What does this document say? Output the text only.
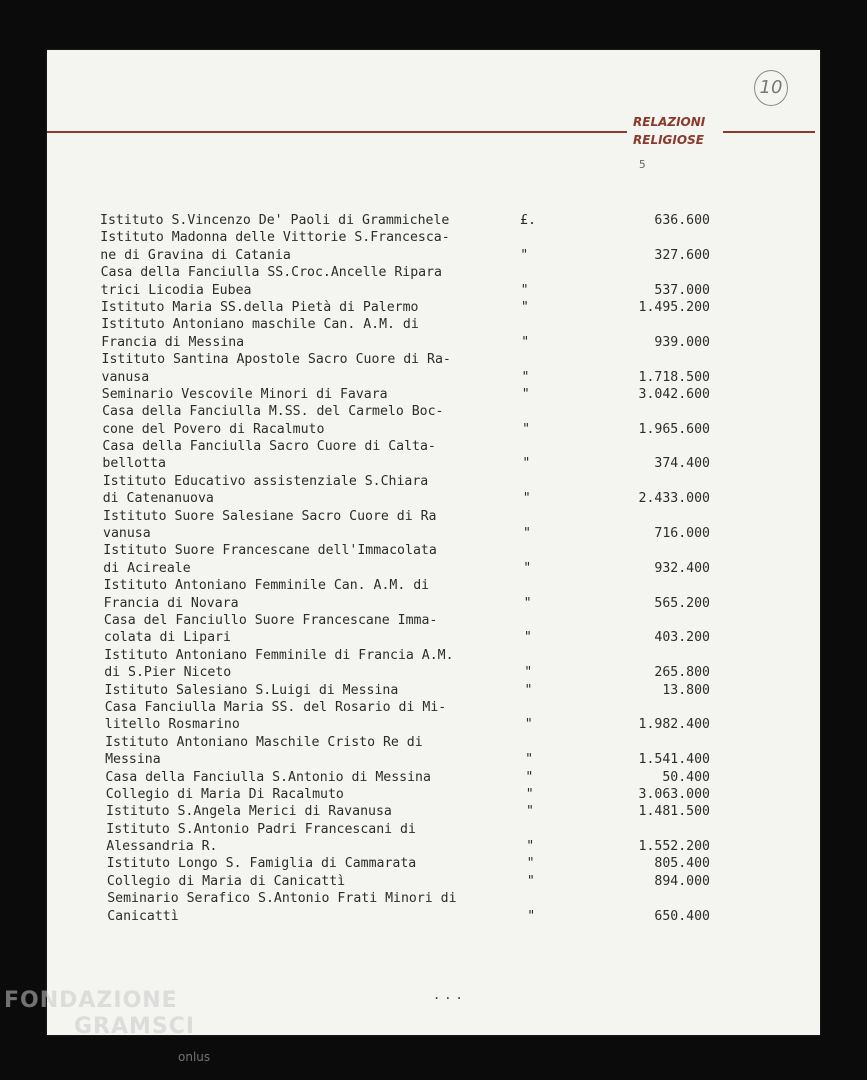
RELAZIONI
RELIGIOSE
10
5
...
Istituto S.Vincenzo De' Paoli di Grammichele	£.	636.600
Istituto Madonna delle Vittorie S.Francesca-
ne di Gravina di Catania	"	327.600
Casa della Fanciulla SS.Croc.Ancelle Ripara
trici Licodia Eubea	"	537.000
Istituto Maria SS.della Pietà di Palermo	"	1.495.200
Istituto Antoniano maschile Can. A.M. di
Francia di Messina	"	939.000
Istituto Santina Apostole Sacro Cuore di Ra-
vanusa	"	1.718.500
Seminario Vescovile Minori di Favara	"	3.042.600
Casa della Fanciulla M.SS. del Carmelo Boc-
cone del Povero di Racalmuto	"	1.965.600
Casa della Fanciulla Sacro Cuore di Calta-
bellotta	"	374.400
Istituto Educativo assistenziale S.Chiara
di Catenanuova	"	2.433.000
Istituto Suore Salesiane Sacro Cuore di Ra
vanusa	"	716.000
Istituto Suore Francescane dell'Immacolata
di Acireale	"	932.400
Istituto Antoniano Femminile Can. A.M. di
Francia di Novara	"	565.200
Casa del Fanciullo Suore Francescane Imma-
colata di Lipari	"	403.200
Istituto Antoniano Femminile di Francia A.M.
di S.Pier Niceto	"	265.800
Istituto Salesiano S.Luigi di Messina	"	13.800
Casa Fanciulla Maria SS. del Rosario di Mi-
litello Rosmarino	"	1.982.400
Istituto Antoniano Maschile Cristo Re di
Messina	"	1.541.400
Casa della Fanciulla S.Antonio di Messina	"	50.400
Collegio di Maria Di Racalmuto	"	3.063.000
Istituto S.Angela Merici di Ravanusa	"	1.481.500
Istituto S.Antonio Padri Francescani di
Alessandria R.	"	1.552.200
Istituto Longo S. Famiglia di Cammarata	"	805.400
Collegio di Maria di Canicattì	"	894.000
Seminario Serafico S.Antonio Frati Minori di
Canicattì	"	650.400
FONDAZIONE
GRAMSCI
onlus
